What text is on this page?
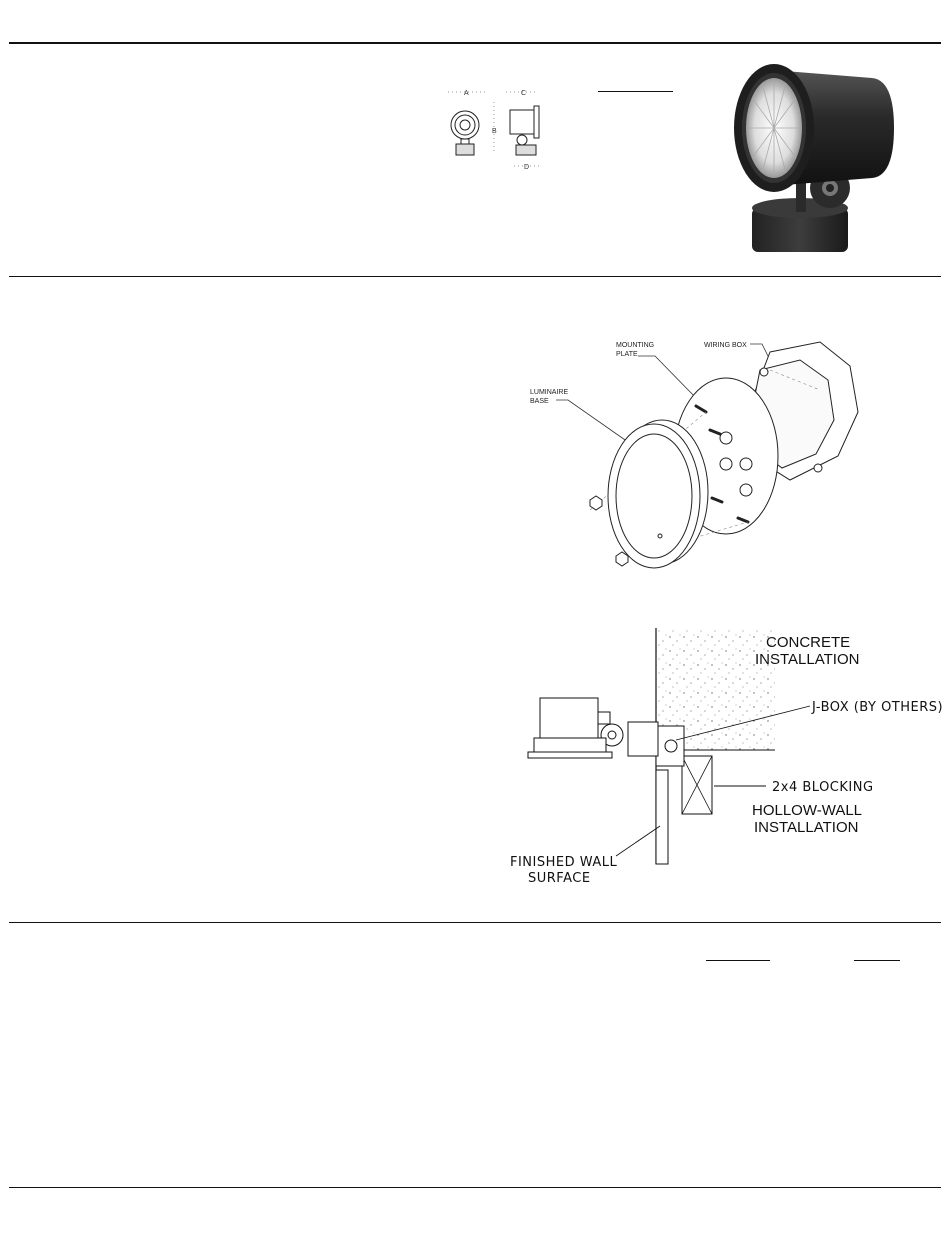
A	C
B
D
MOUNTING
PLATE
WIRING BOX
LUMINAIRE
BASE
CONCRETE
INSTALLATION
J-BOX (BY OTHERS)
2x4 BLOCKING
HOLLOW-WALL
INSTALLATION
FINISHED WALL
SURFACE
